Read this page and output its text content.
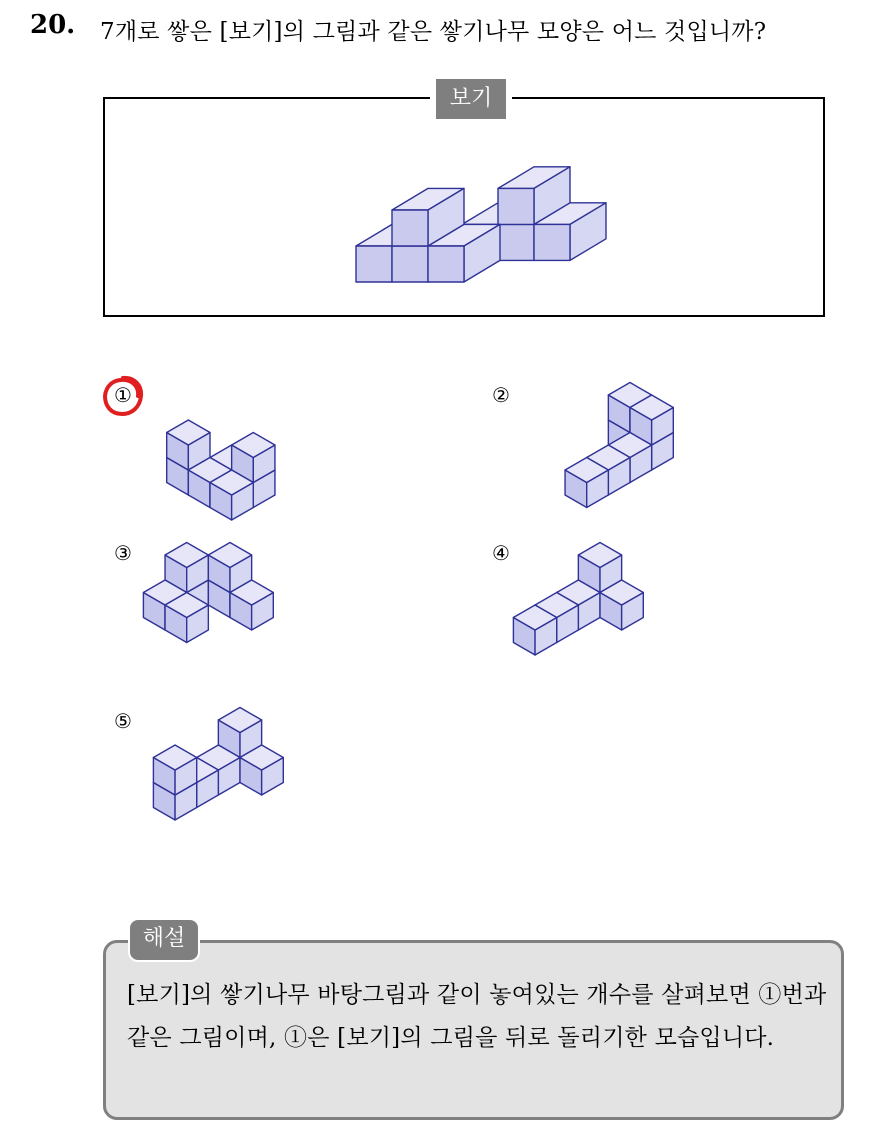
20. 7개로 쌓은 [보기]의 그림과 같은 쌓기나무 모양은 어느 것입니까?
보기
①	②
③	④
⑤
해설
[보기]의 쌓기나무 바탕그림과 같이 놓여있는 개수를 살펴보면 ①번과 같은 그림이며, ①은 [보기]의 그림을 뒤로 돌리기한 모습입니다.
